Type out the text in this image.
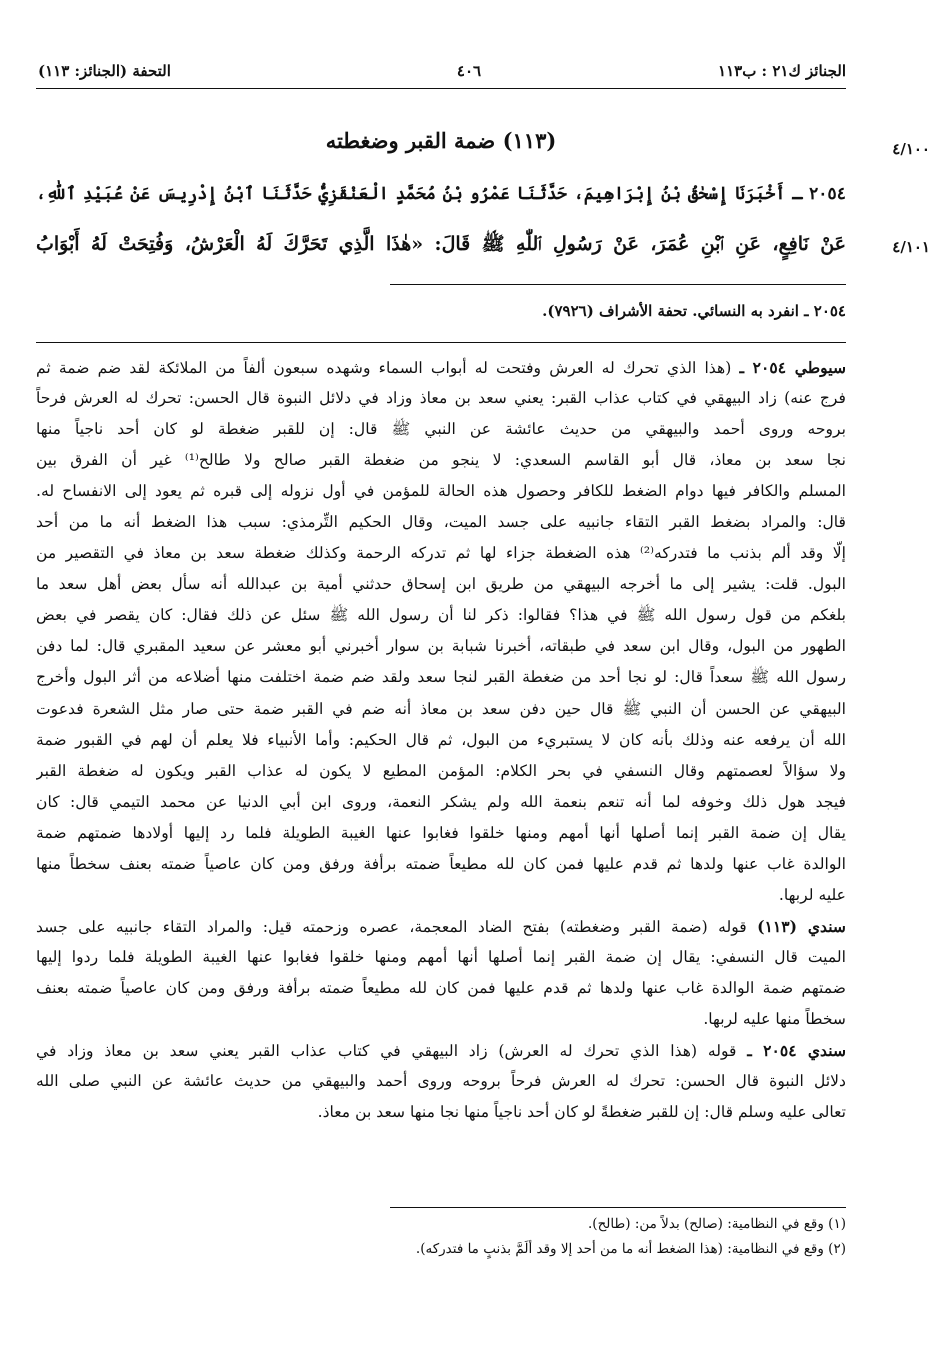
الجنائز ك٢١ : ب١١٣
٤٠٦
التحفة (الجنائز: ١١٣)
٤/١٠٠
٤/١٠١
(١١٣) ضمة القبر وضغطته
٢٠٥٤ ـ أَخْبَرَنَا إِسْحٰقُ بْنُ إِبْرَاهِيمَ، حَدَّثَنَا عَمْرُو بْنُ مُحَمَّدٍ الْعَنْقَزِيُّ حَدَّثَنَا ٱبْنُ إِدْرِيسَ عَنْ عُبَيْدِ ٱللّٰهِ،
عَنْ نَافِعٍ، عَنِ ٱبْنِ عُمَرَ، عَنْ رَسُولِ ٱللّٰهِ ﷺ قَالَ: «هٰذَا الَّذِي تَحَرَّكَ لَهُ الْعَرْشُ، وَفُتِحَتْ لَهُ أَبْوَابُ
٢٠٥٤ ـ انفرد به النسائي. تحفة الأشراف (٧٩٢٦).
سيوطي ٢٠٥٤ ـ (هذا الذي تحرك له العرش وفتحت له أبواب السماء وشهده سبعون ألفاً من الملائكة لقد ضم ضمة ثم
فرج عنه) زاد البيهقي في كتاب عذاب القبر: يعني سعد بن معاذ وزاد في دلائل النبوة قال الحسن: تحرك له العرش فرحاً
بروحه وروى أحمد والبيهقي من حديث عائشة عن النبي ﷺ قال: إن للقبر ضغطة لو كان أحد ناجياً منها
نجا سعد بن معاذ، قال أبو القاسم السعدي: لا ينجو من ضغطة القبر صالح ولا طالح⁽¹⁾ غير أن الفرق بين
المسلم والكافر فيها دوام الضغط للكافر وحصول هذه الحالة للمؤمن في أول نزوله إلى قبره ثم يعود إلى الانفساح له.
قال: والمراد بضغط القبر التقاء جانبيه على جسد الميت، وقال الحكيم التِّرمذي: سبب هذا الضغط أنه ما من أحد
إلّا وقد ألم بذنب ما فتدركه⁽²⁾ هذه الضغطة جزاء لها ثم تدركه الرحمة وكذلك ضغطة سعد بن معاذ في التقصير من
البول. قلت: يشير إلى ما أخرجه البيهقي من طريق ابن إسحاق حدثني أمية بن عبدالله أنه سأل بعض أهل سعد ما
بلغكم من قول رسول الله ﷺ في هذا؟ فقالوا: ذكر لنا أن رسول الله ﷺ سئل عن ذلك فقال: كان يقصر في بعض
الطهور من البول، وقال ابن سعد في طبقاته، أخبرنا شبابة بن سوار أخبرني أبو معشر عن سعيد المقبري قال: لما دفن
رسول الله ﷺ سعداً قال: لو نجا أحد من ضغطة القبر لنجا سعد ولقد ضم ضمة اختلفت منها أضلاعه من أثر البول وأخرج
البيهقي عن الحسن أن النبي ﷺ قال حين دفن سعد بن معاذ أنه ضم في القبر ضمة حتى صار مثل الشعرة فدعوت
الله أن يرفعه عنه وذلك بأنه كان لا يستبريء من البول، ثم قال الحكيم: وأما الأنبياء فلا يعلم أن لهم في القبور ضمة
ولا سؤالاً لعصمتهم وقال النسفي في بحر الكلام: المؤمن المطيع لا يكون له عذاب القبر ويكون له ضغطة القبر
فيجد هول ذلك وخوفه لما أنه تنعم بنعمة الله ولم يشكر النعمة، وروى ابن أبي الدنيا عن محمد التيمي قال: كان
يقال إن ضمة القبر إنما أصلها أنها أمهم ومنها خلقوا فغابوا عنها الغيبة الطويلة فلما رد إليها أولادها ضمتهم ضمة
الوالدة غاب عنها ولدها ثم قدم عليها فمن كان لله مطيعاً ضمته برأفة ورفق ومن كان عاصياً ضمته بعنف سخطاً منها
عليه لربها.
سندي (١١٣) قوله (ضمة القبر وضغطته) بفتح الضاد المعجمة، عصره وزحمته قيل: والمراد التقاء جانبيه على جسد
الميت قال النسفي: يقال إن ضمة القبر إنما أصلها أنها أمهم ومنها خلقوا فغابوا عنها الغيبة الطويلة فلما ردوا إليها
ضمتهم ضمة الوالدة غاب عنها ولدها ثم قدم عليها فمن كان لله مطيعاً ضمته برأفة ورفق ومن كان عاصياً ضمته بعنف
سخطاً منها عليه لربها.
سندي ٢٠٥٤ ـ قوله (هذا الذي تحرك له العرش) زاد البيهقي في كتاب عذاب القبر يعني سعد بن معاذ وزاد في
دلائل النبوة قال الحسن: تحرك له العرش فرحاً بروحه وروى أحمد والبيهقي من حديث عائشة عن النبي صلى الله
تعالى عليه وسلم قال: إن للقبر ضغطةً لو كان أحد ناجياً منها نجا منها سعد بن معاذ.
(١) وقع في النظامية: (صالح) بدلاً من: (طالح).
(٢) وقع في النظامية: (هذا الضغط أنه ما من أحد إلا وقد ألَمَّ بذنبٍ ما فتدركه).
